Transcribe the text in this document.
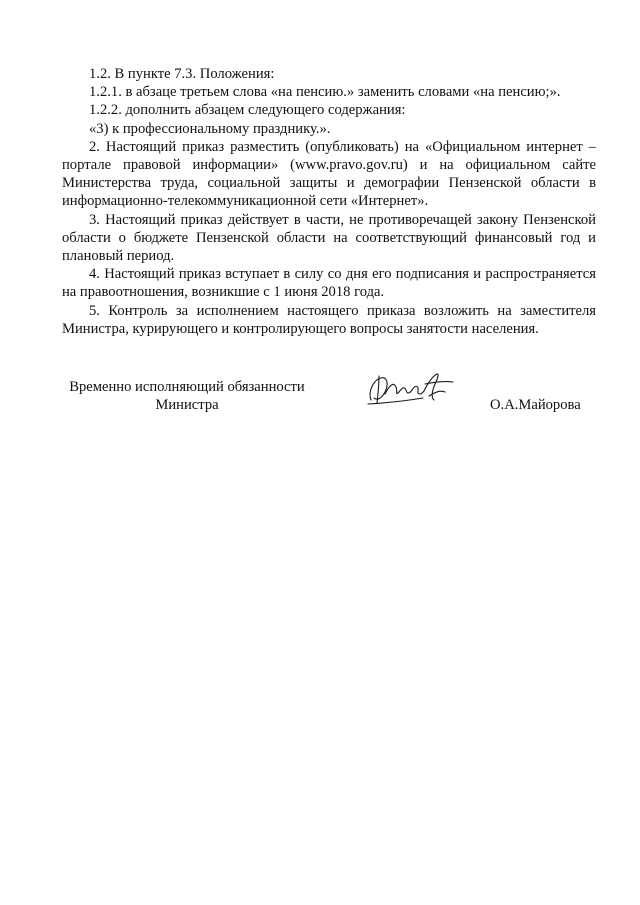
1.2. В пункте 7.3. Положения:

1.2.1. в абзаце третьем слова «на пенсию.» заменить словами «на пенсию;».

1.2.2. дополнить абзацем следующего содержания:

«3) к профессиональному празднику.».

2. Настоящий приказ разместить (опубликовать) на «Официальном интернет – портале правовой информации» (www.pravo.gov.ru) и на официальном сайте Министерства труда, социальной защиты и демографии Пензенской области в информационно-телекоммуникационной сети «Интернет».

3. Настоящий приказ действует в части, не противоречащей закону Пензенской области о бюджете Пензенской области на соответствующий финансовый год и плановый период.

4. Настоящий приказ вступает в силу со дня его подписания и распространяется на правоотношения, возникшие с 1 июня 2018 года.

5. Контроль за исполнением настоящего приказа возложить на заместителя Министра, курирующего и контролирующего вопросы занятости населения.

Временно исполняющий обязанности
Министра	О.А.Майорова
